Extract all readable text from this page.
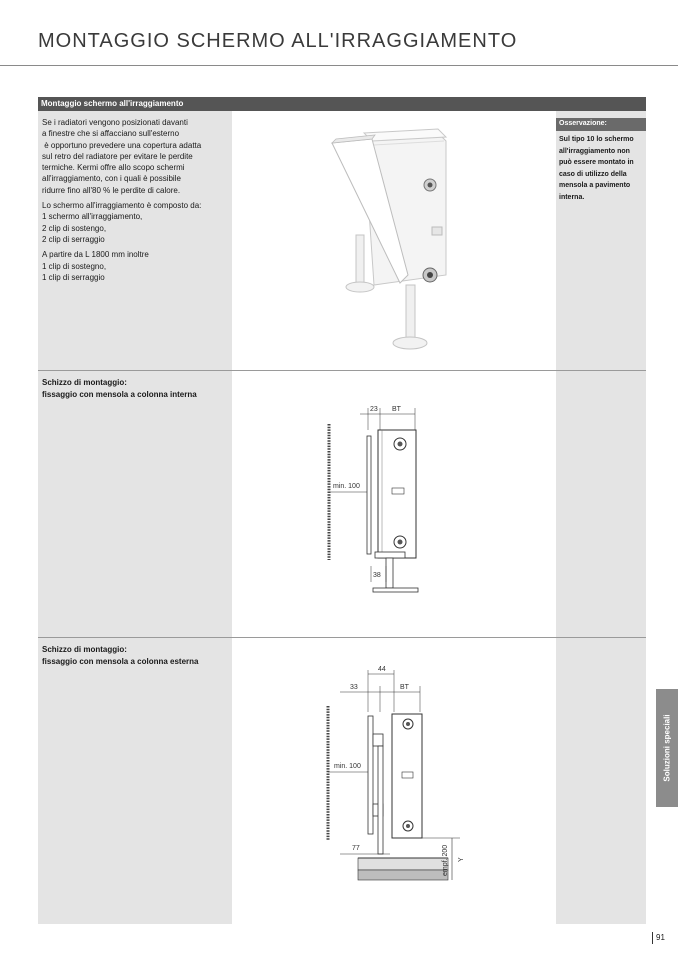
MONTAGGIO SCHERMO ALL'IRRAGGIAMENTO
Montaggio schermo all'irraggiamento

Se i radiatori vengono posizionati davanti
a finestre che si affacciano sull'esterno
è opportuno prevedere una copertura adatta
sul retro del radiatore per evitare le perdite
termiche. Kermi offre allo scopo schermi
all'irraggiamento, con i quali è possibile
ridurre fino all'80 % le perdite di calore.

Lo schermo all'irraggiamento è composto da:
1 schermo all'irraggiamento,
2 clip di sostengo,
2 clip di serraggio

A partire da L 1800 mm inoltre
1 clip di sostegno,
1 clip di serraggio

Osservazione:
Sul tipo 10 lo schermo
all'irraggiamento non
può essere montato in
caso di utilizzo della
mensola a pavimento
interna.
Schizzo di montaggio:
fissaggio con mensola a colonna interna
23 BT
min. 100
38
Schizzo di montaggio:
fissaggio con mensola a colonna esterna
44
33	BT
min. 100
77	empf. 200 Y
Soluzioni speciali
91
